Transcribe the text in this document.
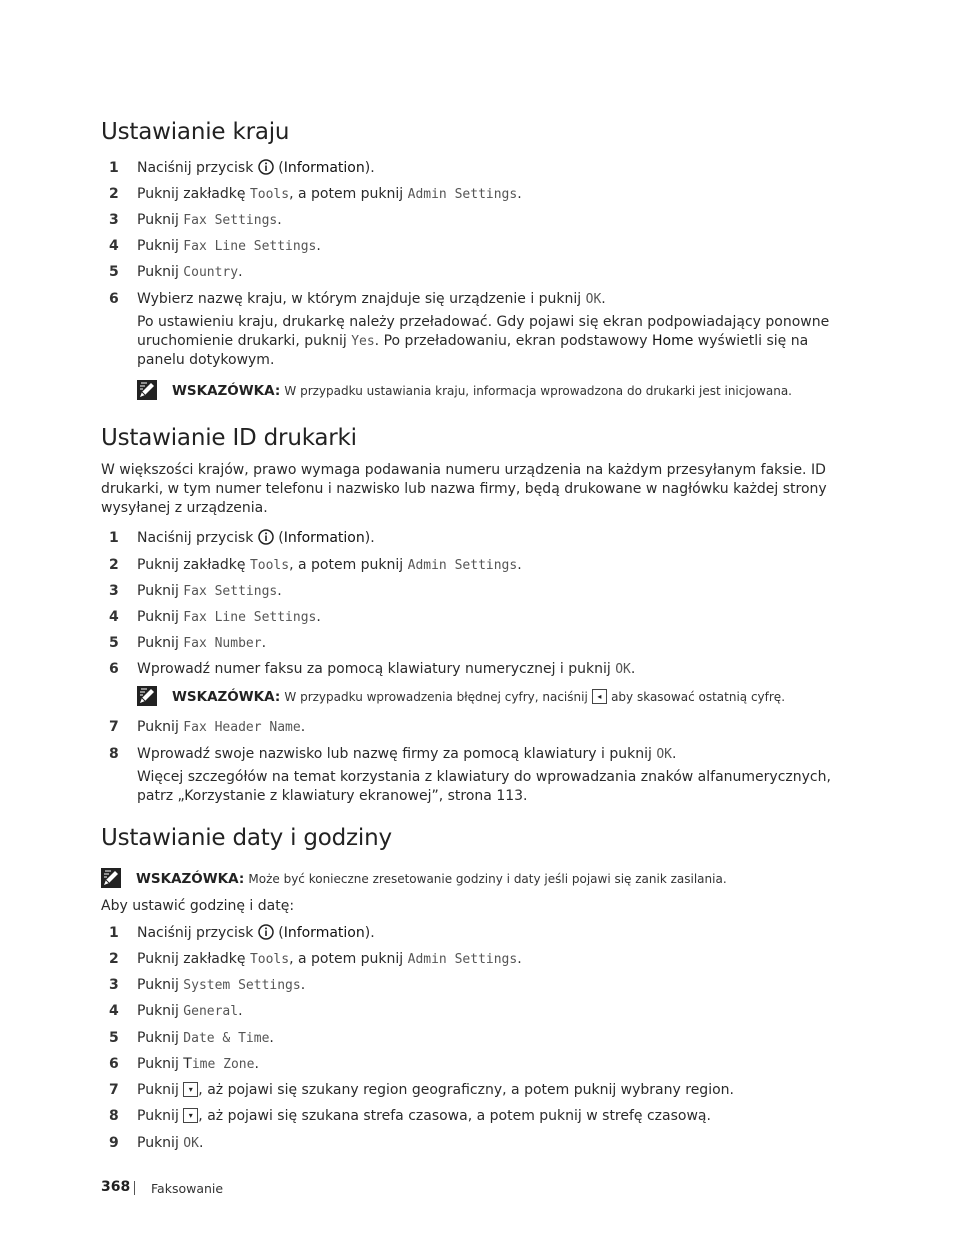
Ustawianie kraju
1 Naciśnij przycisk (Information).
2 Puknij zakładkę Tools, a potem puknij Admin Settings.
3 Puknij Fax Settings.
4 Puknij Fax Line Settings.
5 Puknij Country.
6 Wybierz nazwę kraju, w którym znajduje się urządzenie i puknij OK.
Po ustawieniu kraju, drukarkę należy przeładować. Gdy pojawi się ekran podpowiadający ponowne uruchomienie drukarki, puknij Yes. Po przeładowaniu, ekran podstawowy Home wyświetli się na panelu dotykowym.
WSKAZÓWKA: W przypadku ustawiania kraju, informacja wprowadzona do drukarki jest inicjowana.
Ustawianie ID drukarki
W większości krajów, prawo wymaga podawania numeru urządzenia na każdym przesyłanym faksie. ID drukarki, w tym numer telefonu i nazwisko lub nazwa firmy, będą drukowane w nagłówku każdej strony wysyłanej z urządzenia.
1 Naciśnij przycisk (Information).
2 Puknij zakładkę Tools, a potem puknij Admin Settings.
3 Puknij Fax Settings.
4 Puknij Fax Line Settings.
5 Puknij Fax Number.
6 Wprowadź numer faksu za pomocą klawiatury numerycznej i puknij OK.
WSKAZÓWKA: W przypadku wprowadzenia błędnej cyfry, naciśnij	◂ aby skasować ostatnią cyfrę.
7 Puknij Fax Header Name.
8 Wprowadź swoje nazwisko lub nazwę firmy za pomocą klawiatury i puknij OK.
Więcej szczegółów na temat korzystania z klawiatury do wprowadzania znaków alfanumerycznych, patrz „Korzystanie z klawiatury ekranowej”, strona 113.
Ustawianie daty i godziny
WSKAZÓWKA: Może być konieczne zresetowanie godziny i daty jeśli pojawi się zanik zasilania.
Aby ustawić godzinę i datę:
1 Naciśnij przycisk (Information).
2 Puknij zakładkę Tools, a potem puknij Admin Settings.
3 Puknij System Settings.
4 Puknij General.
5 Puknij Date & Time.
6 Puknij Time Zone.
7 Puknij	▾ , aż pojawi się szukany region geograficzny, a potem puknij wybrany region.
8 Puknij	▾ , aż pojawi się szukana strefa czasowa, a potem puknij w strefę czasową.
9 Puknij OK.
368 Faksowanie
